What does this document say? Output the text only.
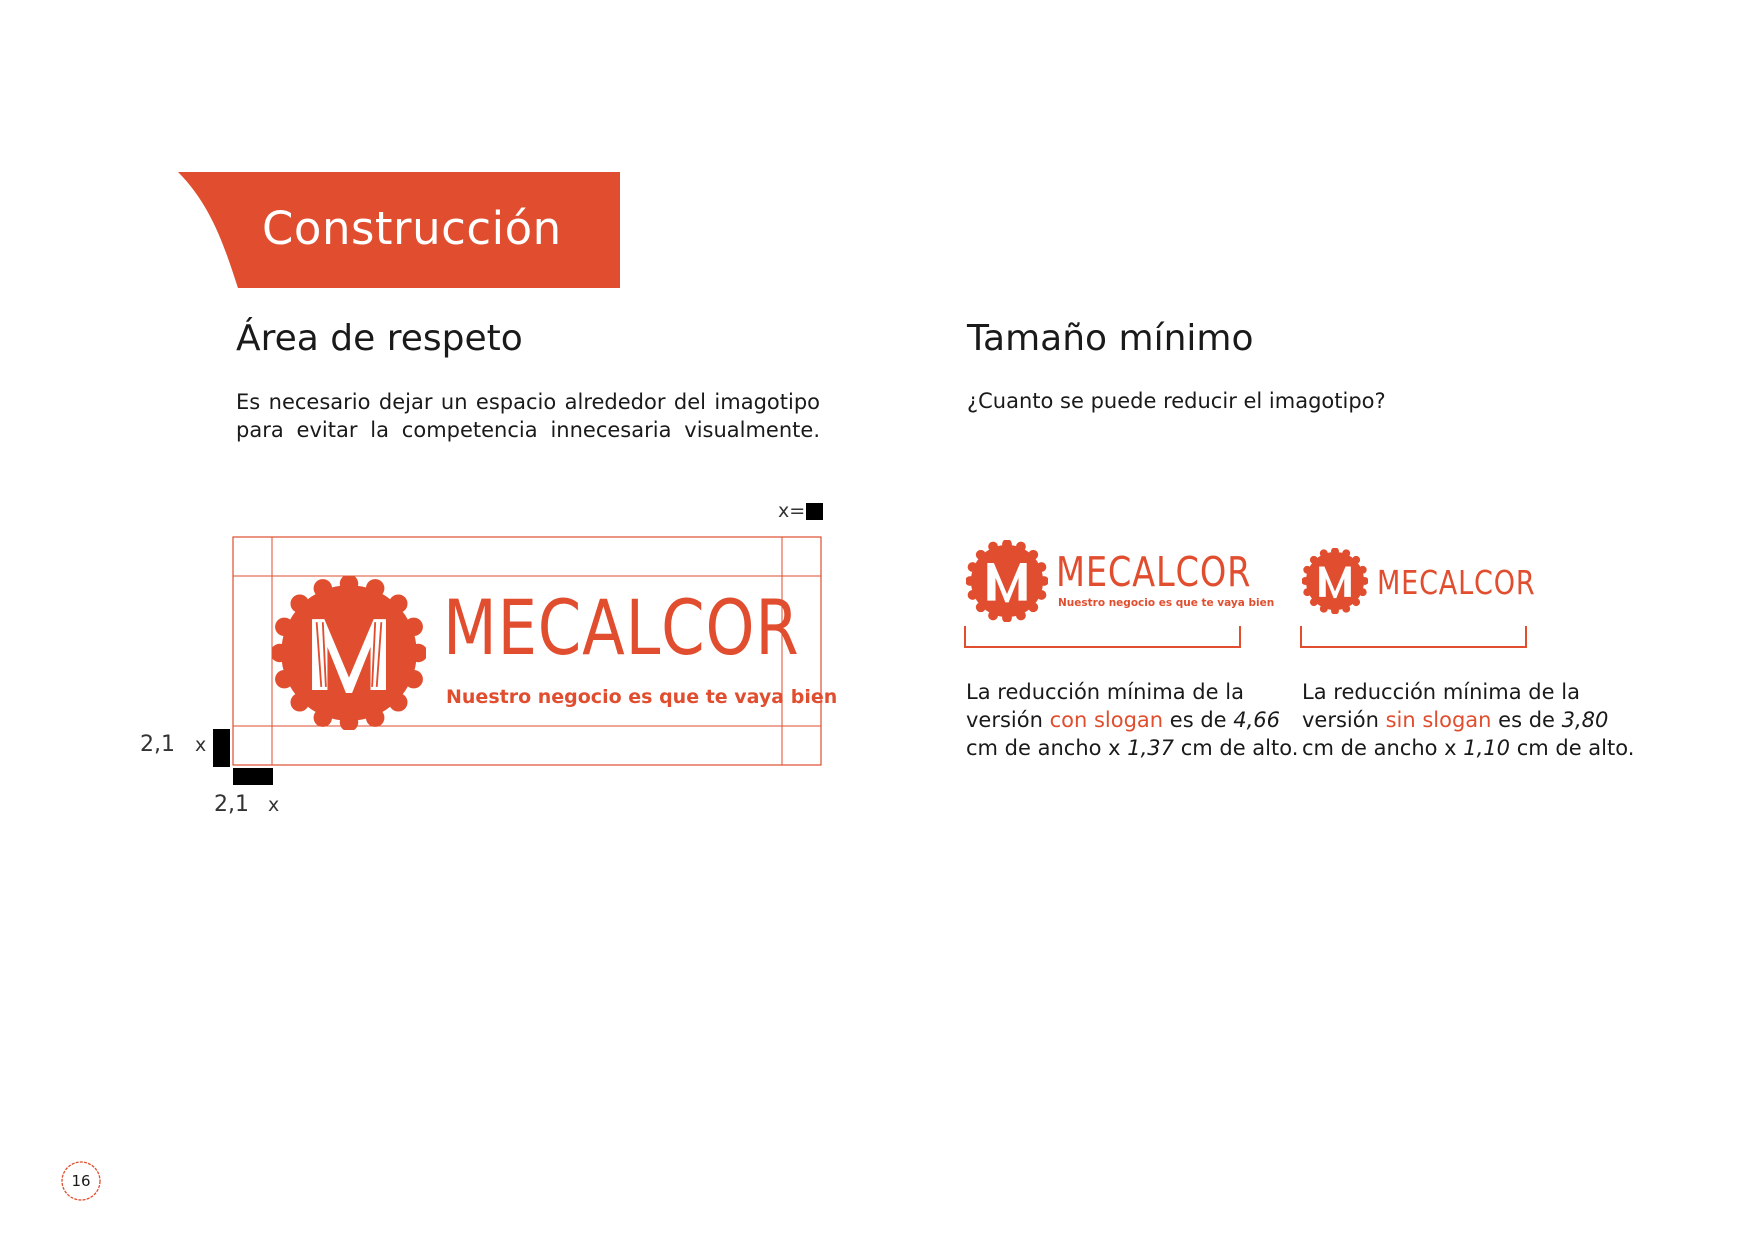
Construcción
Área de respeto
Es necesario dejar un espacio alrededor del imagotipo
para evitar la competencia innecesaria visualmente.
x=
MECALCOR
Nuestro negocio es que te vaya bien
2,1 x
2,1 x
Tamaño mínimo
¿Cuanto se puede reducir el imagotipo?
MECALCOR
Nuestro negocio es que te vaya bien
MECALCOR
La reducción mínima de la
versión con slogan es de 4,66
cm de ancho x 1,37 cm de alto.
La reducción mínima de la
versión sin slogan es de 3,80
cm de ancho x 1,10 cm de alto.
16
